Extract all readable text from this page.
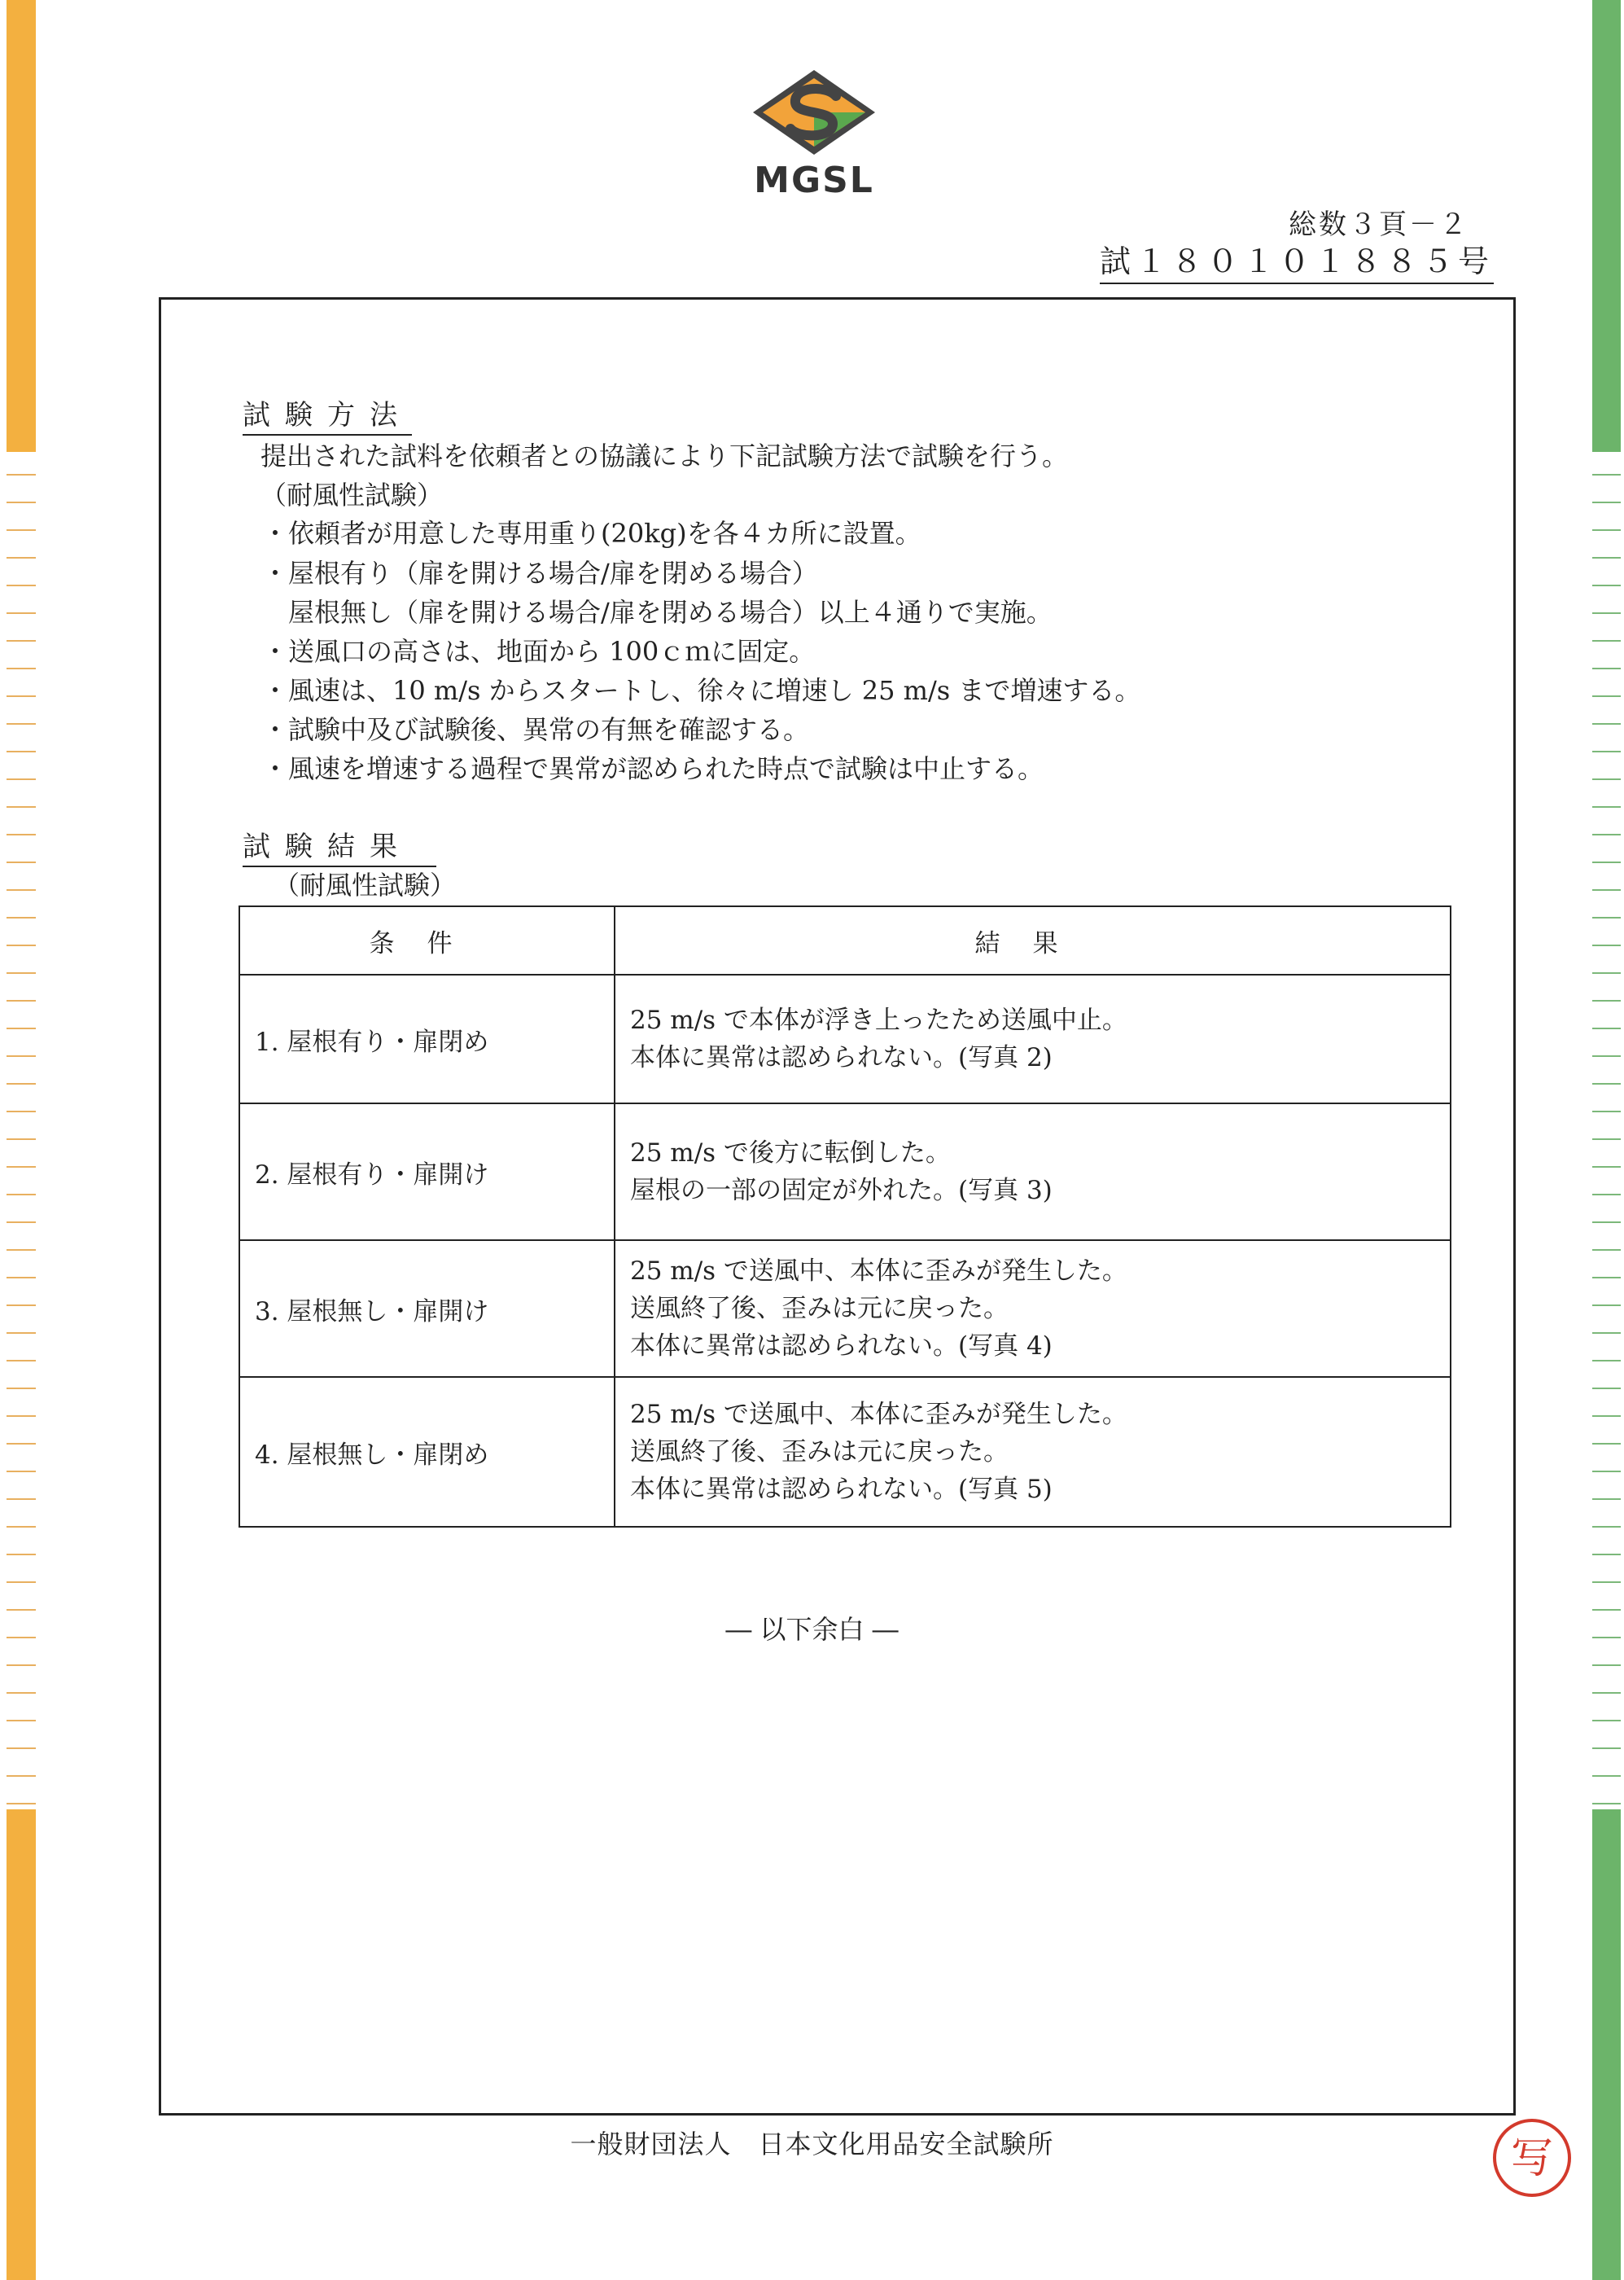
MGSL
総数３頁－２
試１８０１０１８８５号
試験方法
提出された試料を依頼者との協議により下記試験方法で試験を行う。
（耐風性試験）
・依頼者が用意した専用重り(20kg)を各４カ所に設置。
・屋根有り（扉を開ける場合/扉を閉める場合）
屋根無し（扉を開ける場合/扉を閉める場合）以上４通りで実施。
・送風口の高さは、地面から 100ｃｍに固定。
・風速は、10 m/s からスタートし、徐々に増速し 25 m/s まで増速する。
・試験中及び試験後、異常の有無を確認する。
・風速を増速する過程で異常が認められた時点で試験は中止する。
試験結果
（耐風性試験）
条件	結果
1. 屋根有り・扉閉め	25 m/s で本体が浮き上ったため送風中止。
本体に異常は認められない。(写真 2)

2. 屋根有り・扉開け	25 m/s で後方に転倒した。
屋根の一部の固定が外れた。(写真 3)

3. 屋根無し・扉開け	25 m/s で送風中、本体に歪みが発生した。
送風終了後、歪みは元に戻った。
本体に異常は認められない。(写真 4)

4. 屋根無し・扉閉め	25 m/s で送風中、本体に歪みが発生した。
送風終了後、歪みは元に戻った。
本体に異常は認められない。(写真 5)
― 以下余白 ―
一般財団法人　日本文化用品安全試験所	写
